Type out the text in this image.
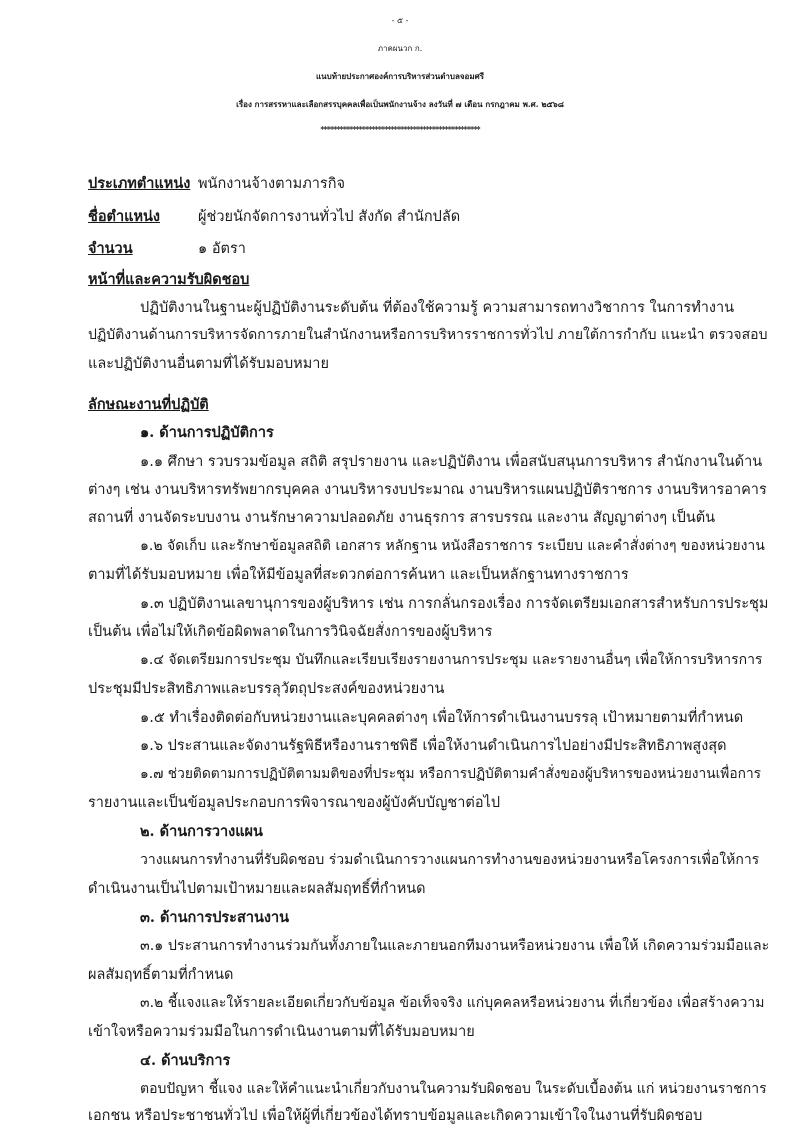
- ๕ -
ภาคผนวก ก.
แนบท้ายประกาศองค์การบริหารส่วนตำบลจอมศรี
เรื่อง การสรรหาและเลือกสรรบุคคลเพื่อเป็นพนักงานจ้าง ลงวันที่ ๗ เดือน กรกฎาคม พ.ศ. ๒๕๖๘
**************************************************
ประเภทตำแหน่ง พนักงานจ้างตามภารกิจ
ชื่อตำแหน่ง	ผู้ช่วยนักจัดการงานทั่วไป สังกัด สำนักปลัด
จำนวน	๑ อัตรา
หน้าที่และความรับผิดชอบ
ปฏิบัติงานในฐานะผู้ปฏิบัติงานระดับต้น ที่ต้องใช้ความรู้ ความสามารถทางวิชาการ ในการทำงาน
ปฏิบัติงานด้านการบริหารจัดการภายในสำนักงานหรือการบริหารราชการทั่วไป ภายใต้การกำกับ แนะนำ ตรวจสอบ
และปฏิบัติงานอื่นตามที่ได้รับมอบหมาย
ลักษณะงานที่ปฏิบัติ
๑. ด้านการปฏิบัติการ
๑.๑ ศึกษา รวบรวมข้อมูล สถิติ สรุปรายงาน และปฏิบัติงาน เพื่อสนับสนุนการบริหาร สำนักงานในด้าน
ต่างๆ เช่น งานบริหารทรัพยากรบุคคล งานบริหารงบประมาณ งานบริหารแผนปฏิบัติราชการ งานบริหารอาคาร
สถานที่ งานจัดระบบงาน งานรักษาความปลอดภัย งานธุรการ สารบรรณ และงาน สัญญาต่างๆ เป็นต้น
๑.๒ จัดเก็บ และรักษาข้อมูลสถิติ เอกสาร หลักฐาน หนังสือราชการ ระเบียบ และคำสั่งต่างๆ ของหน่วยงาน
ตามที่ได้รับมอบหมาย เพื่อให้มีข้อมูลที่สะดวกต่อการค้นหา และเป็นหลักฐานทางราชการ
๑.๓ ปฏิบัติงานเลขานุการของผู้บริหาร เช่น การกลั่นกรองเรื่อง การจัดเตรียมเอกสารสำหรับการประชุม
เป็นต้น เพื่อไม่ให้เกิดข้อผิดพลาดในการวินิจฉัยสั่งการของผู้บริหาร
๑.๔ จัดเตรียมการประชุม บันทึกและเรียบเรียงรายงานการประชุม และรายงานอื่นๆ เพื่อให้การบริหารการ
ประชุมมีประสิทธิภาพและบรรลุวัตถุประสงค์ของหน่วยงาน
๑.๕ ทำเรื่องติดต่อกับหน่วยงานและบุคคลต่างๆ เพื่อให้การดำเนินงานบรรลุ เป้าหมายตามที่กำหนด
๑.๖ ประสานและจัดงานรัฐพิธีหรืองานราชพิธี เพื่อให้งานดำเนินการไปอย่างมีประสิทธิภาพสูงสุด
๑.๗ ช่วยติดตามการปฏิบัติตามมติของที่ประชุม หรือการปฏิบัติตามคำสั่งของผู้บริหารของหน่วยงานเพื่อการ
รายงานและเป็นข้อมูลประกอบการพิจารณาของผู้บังคับบัญชาต่อไป
๒. ด้านการวางแผน
วางแผนการทำงานที่รับผิดชอบ ร่วมดำเนินการวางแผนการทำงานของหน่วยงานหรือโครงการเพื่อให้การ
ดำเนินงานเป็นไปตามเป้าหมายและผลสัมฤทธิ์ที่กำหนด
๓. ด้านการประสานงาน
๓.๑ ประสานการทำงานร่วมกันทั้งภายในและภายนอกทีมงานหรือหน่วยงาน เพื่อให้ เกิดความร่วมมือและ
ผลสัมฤทธิ์ตามที่กำหนด
๓.๒ ชี้แจงและให้รายละเอียดเกี่ยวกับข้อมูล ข้อเท็จจริง แก่บุคคลหรือหน่วยงาน ที่เกี่ยวข้อง เพื่อสร้างความ
เข้าใจหรือความร่วมมือในการดำเนินงานตามที่ได้รับมอบหมาย
๔. ด้านบริการ
ตอบปัญหา ชี้แจง และให้คำแนะนำเกี่ยวกับงานในความรับผิดชอบ ในระดับเบื้องต้น แก่ หน่วยงานราชการ
เอกชน หรือประชาชนทั่วไป เพื่อให้ผู้ที่เกี่ยวข้องได้ทราบข้อมูลและเกิดความเข้าใจในงานที่รับผิดชอบ
